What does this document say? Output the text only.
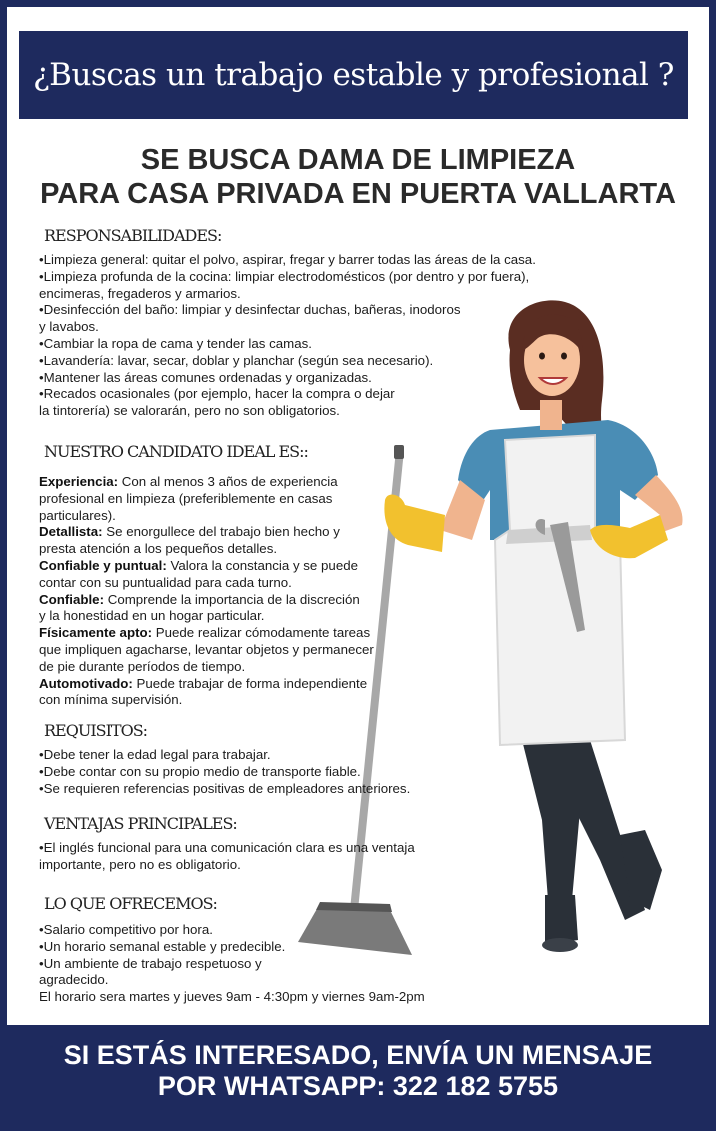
¿Buscas un trabajo estable y profesional ?
SE BUSCA DAMA DE LIMPIEZA
PARA CASA PRIVADA EN PUERTA VALLARTA
RESPONSABILIDADES:
•Limpieza general: quitar el polvo, aspirar, fregar y barrer todas las áreas de la casa.
•Limpieza profunda de la cocina: limpiar electrodomésticos (por dentro y por fuera),
encimeras, fregaderos y armarios.
•Desinfección del baño: limpiar y desinfectar duchas, bañeras, inodoros
y lavabos.
•Cambiar la ropa de cama y tender las camas.
•Lavandería: lavar, secar, doblar y planchar (según sea necesario).
•Mantener las áreas comunes ordenadas y organizadas.
•Recados ocasionales (por ejemplo, hacer la compra o dejar
la tintorería) se valorarán, pero no son obligatorios.
NUESTRO CANDIDATO IDEAL ES::
Experiencia: Con al menos 3 años de experiencia
profesional en limpieza (preferiblemente en casas
particulares).
Detallista: Se enorgullece del trabajo bien hecho y
presta atención a los pequeños detalles.
Confiable y puntual: Valora la constancia y se puede
contar con su puntualidad para cada turno.
Confiable: Comprende la importancia de la discreción
y la honestidad en un hogar particular.
Físicamente apto: Puede realizar cómodamente tareas
que impliquen agacharse, levantar objetos y permanecer
de pie durante períodos de tiempo.
Automotivado: Puede trabajar de forma independiente
con mínima supervisión.
REQUISITOS:
•Debe tener la edad legal para trabajar.
•Debe contar con su propio medio de transporte fiable.
•Se requieren referencias positivas de empleadores anteriores.
VENTAJAS PRINCIPALES:
•El inglés funcional para una comunicación clara es una ventaja
importante, pero no es obligatorio.
LO QUE OFRECEMOS:
•Salario competitivo por hora.
•Un horario semanal estable y predecible.
•Un ambiente de trabajo respetuoso y
agradecido.
El horario sera martes y jueves 9am - 4:30pm y viernes 9am-2pm
SI ESTÁS INTERESADO, ENVÍA UN MENSAJE
POR WHATSAPP: 322 182 5755
